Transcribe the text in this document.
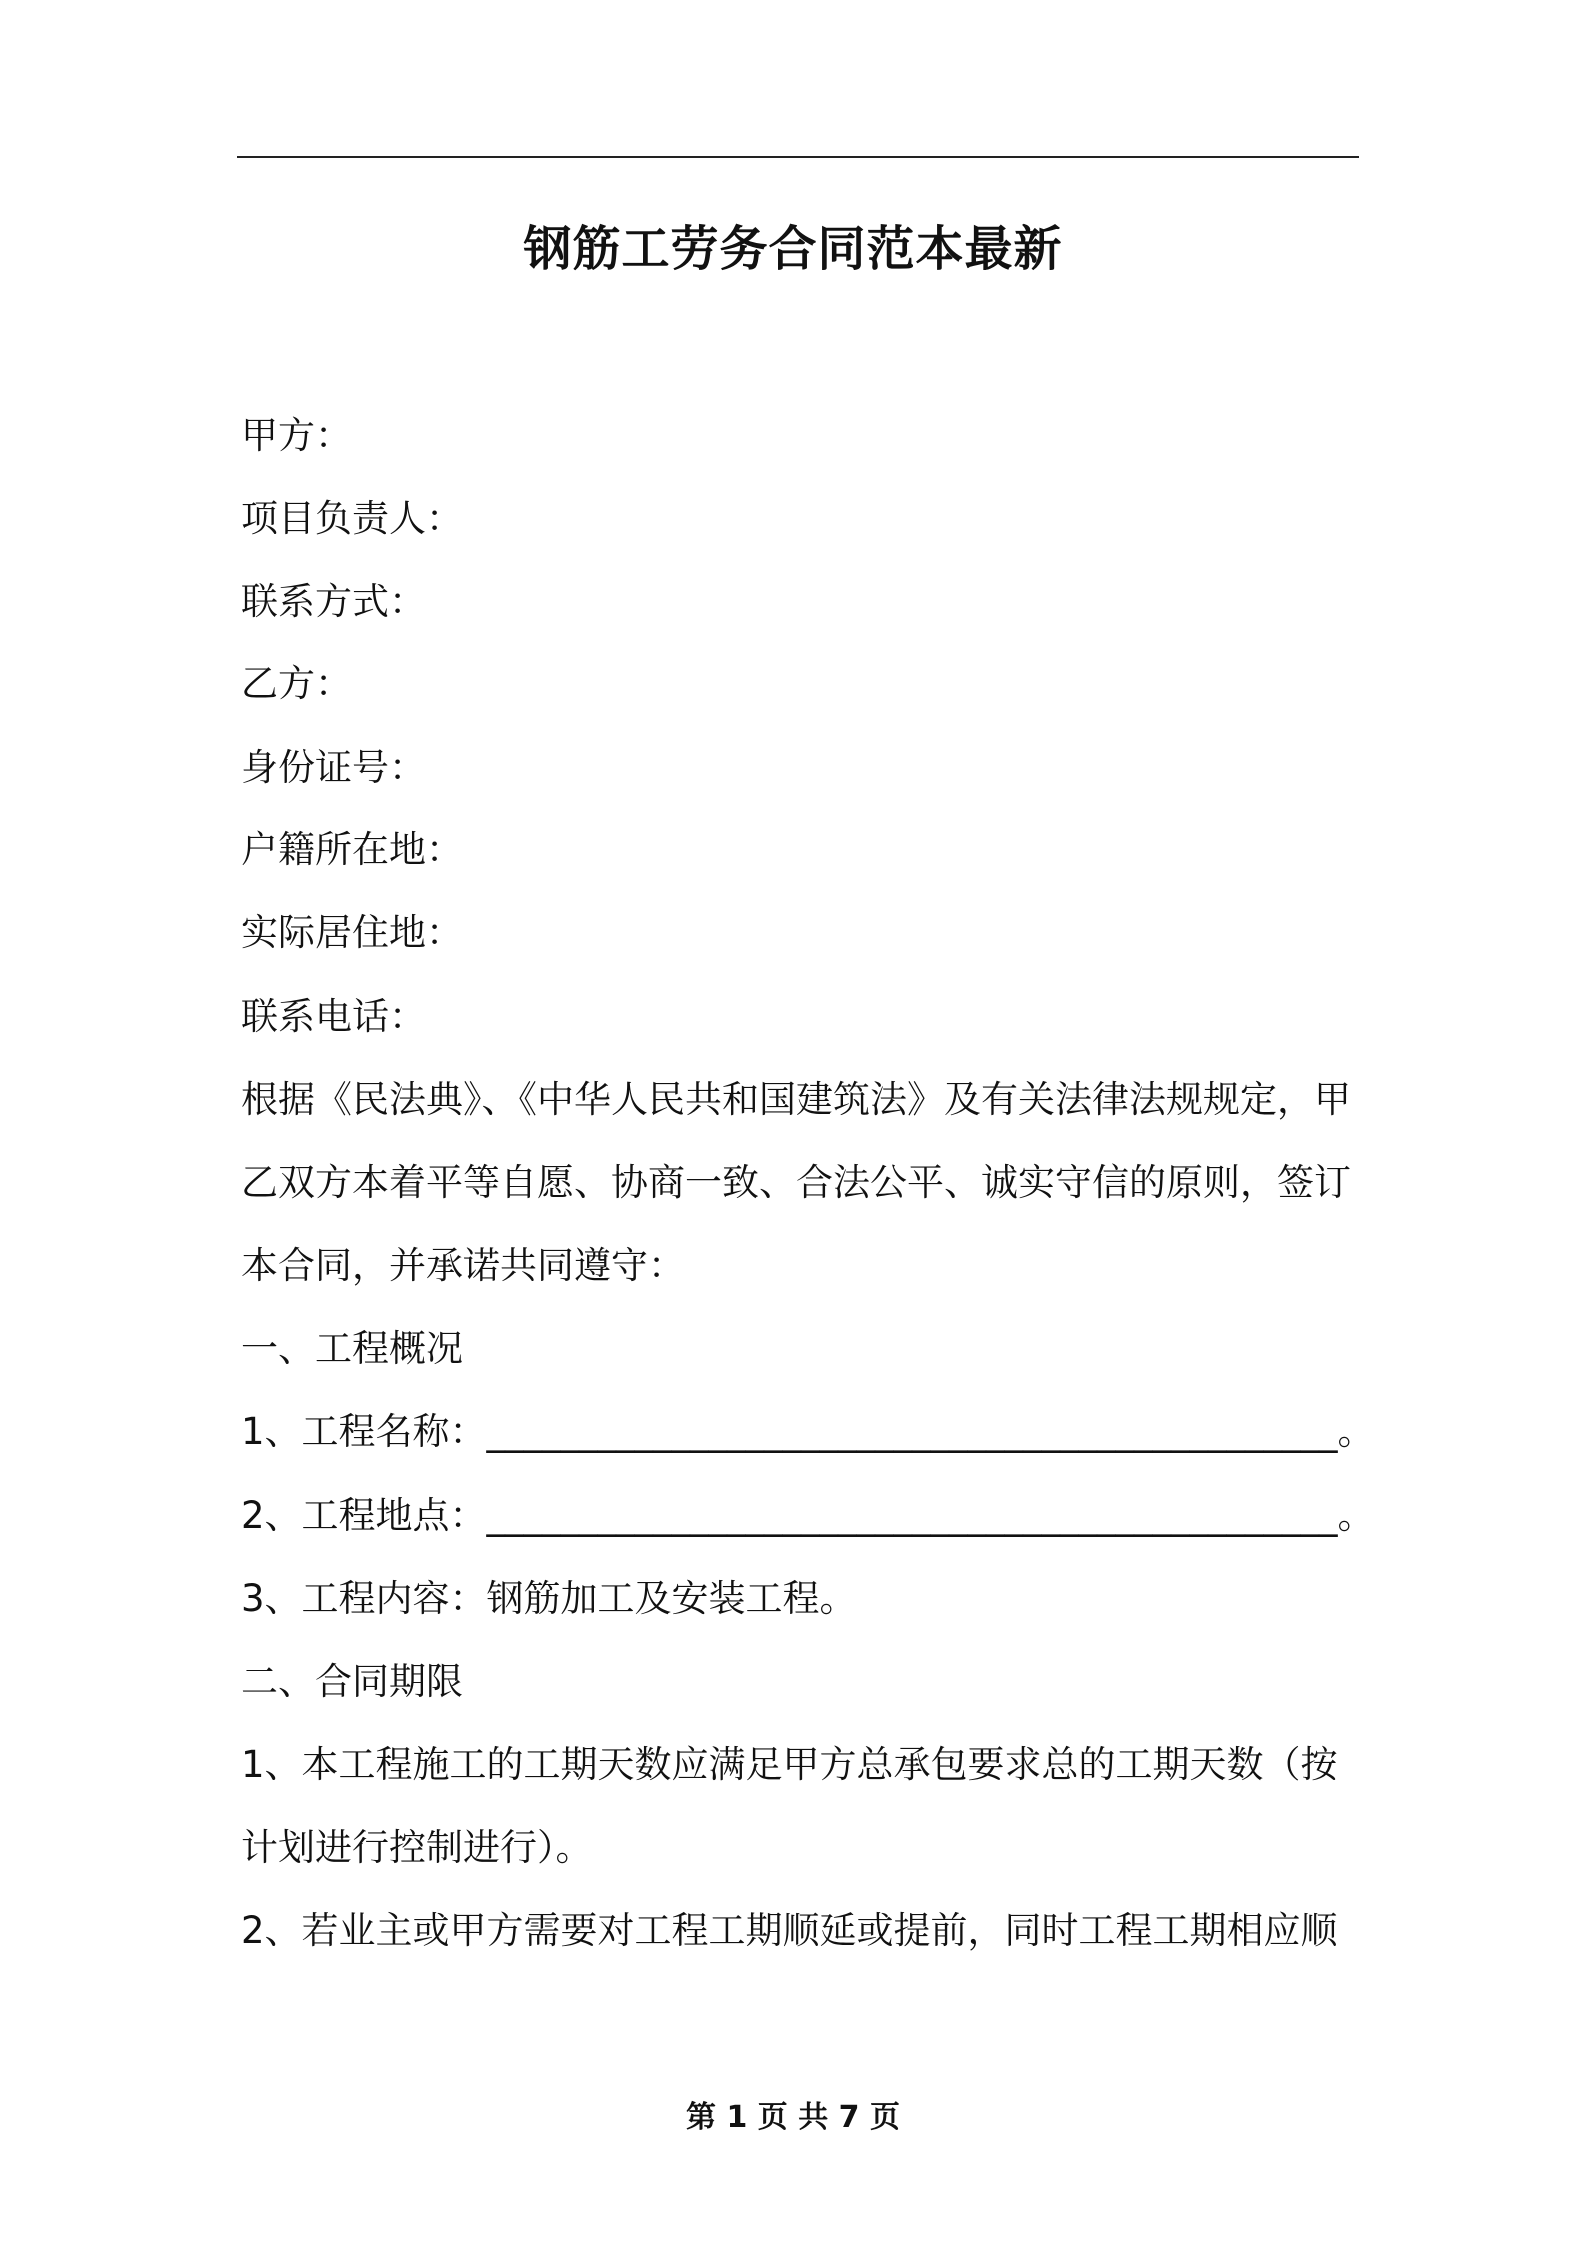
钢筋工劳务合同范本最新
甲方：
项目负责人：
联系方式：
乙方：
身份证号：
户籍所在地：
实际居住地：
联系电话：
根据《民法典》、《中华人民共和国建筑法》及有关法律法规规定，甲
乙双方本着平等自愿、协商一致、合法公平、诚实守信的原则，签订
本合同，并承诺共同遵守：
一、工程概况
1、工程名称：______________________________________________。
2、工程地点：______________________________________________。
3、工程内容：钢筋加工及安装工程。
二、合同期限
1、本工程施工的工期天数应满足甲方总承包要求总的工期天数（按
计划进行控制进行）。
2、若业主或甲方需要对工程工期顺延或提前，同时工程工期相应顺
第 1 页 共 7 页
